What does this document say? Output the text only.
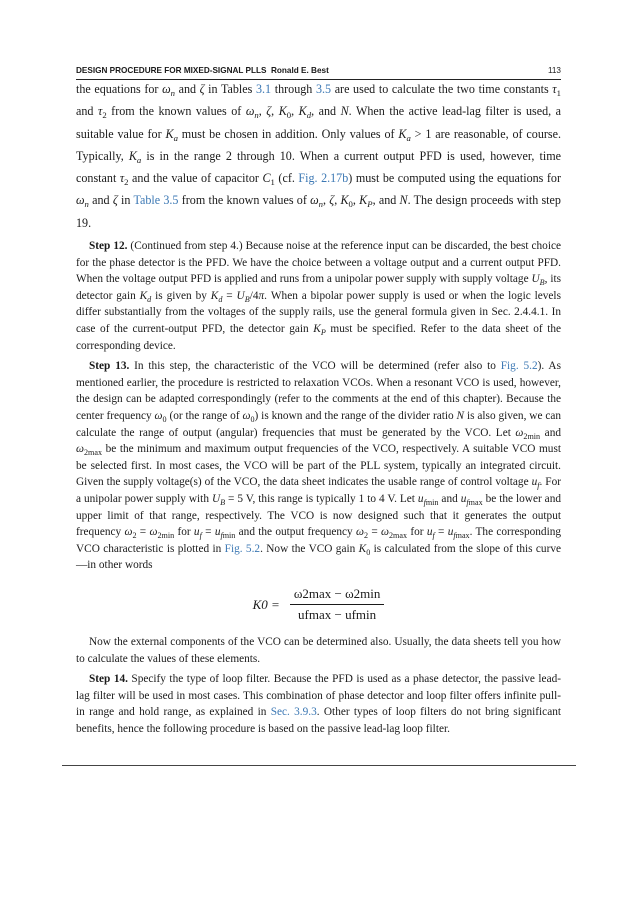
DESIGN PROCEDURE FOR MIXED-SIGNAL PLLS Ronald E. Best	113

the equations for $\omega_n$ and ζ in Tables 3.1 through 3.5 are used to calculate the two time constants $\tau_1$ and $\tau_2$ from the known values of $\omega_n$, ζ, $K_0$, $K_d$, and N. When the active lead-lag filter is used, a suitable value for $K_a$ must be chosen in addition. Only values of $K_a > 1$ are reasonable, of course. Typically, $K_a$ is in the range 2 through 10. When a current output PFD is used, however, time constant $\tau_2$ and the value of capacitor $C_1$ (cf. Fig. 2.17b) must be computed using the equations for $\omega_n$ and ζ in Table 3.5 from the known values of $\omega_n$, ζ, $K_0$, $K_P$, and N. The design proceeds with step 19.

Step 12. (Continued from step 4.) Because noise at the reference input can be discarded, the best choice for the phase detector is the PFD. We have the choice between a voltage output and a current output PFD. When the voltage output PFD is applied and runs from a unipolar power supply with supply voltage $U_B$, its detector gain $K_d$ is given by $K_d = U_B/4\pi$. When a bipolar power supply is used or when the logic levels differ substantially from the voltages of the supply rails, use the general formula given in Sec. 2.4.4.1. In case of the current-output PFD, the detector gain $K_P$ must be specified. Refer to the data sheet of the corresponding device.

Step 13. In this step, the characteristic of the VCO will be determined (refer also to Fig. 5.2). As mentioned earlier, the procedure is restricted to relaxation VCOs. When a resonant VCO is used, however, the design can be adapted correspondingly (refer to the comments at the end of this chapter). Because the center frequency $\omega_0$ (or the range of $\omega_0$) is known and the range of the divider ratio N is also given, we can calculate the range of output (angular) frequencies that must be generated by the VCO. Let $\omega_{2min}$ and $\omega_{2max}$ be the minimum and maximum output frequencies of the VCO, respectively. A suitable VCO must be selected first. In most cases, the VCO will be part of the PLL system, typically an integrated circuit. Given the supply voltage(s) of the VCO, the data sheet indicates the usable range of control voltage $u_f$. For a unipolar power supply with $U_B = 5$ V, this range is typically 1 to 4 V. Let $u_{fmin}$ and $u_{fmax}$ be the lower and upper limit of that range, respectively. The VCO is now designed such that it generates the output frequency $\omega_2 = \omega_{2min}$ for $u_f = u_{fmin}$ and the output frequency $\omega_2 = \omega_{2max}$ for $u_f = u_{fmax}$. The corresponding VCO characteristic is plotted in Fig. 5.2. Now the VCO gain $K_0$ is calculated from the slope of this curve—in other words

$K0 = \frac{\omega 2\max - \omega 2\min}{ufmax - ufmin}$

Now the external components of the VCO can be determined also. Usually, the data sheets tell you how to calculate the values of these elements.

Step 14. Specify the type of loop filter. Because the PFD is used as a phase detector, the passive lead-lag filter will be used in most cases. This combination of phase detector and loop filter offers infinite pull-in range and hold range, as explained in Sec. 3.9.3. Other types of loop filters do not bring significant benefits, hence the following procedure is based on the passive lead-lag loop filter.
